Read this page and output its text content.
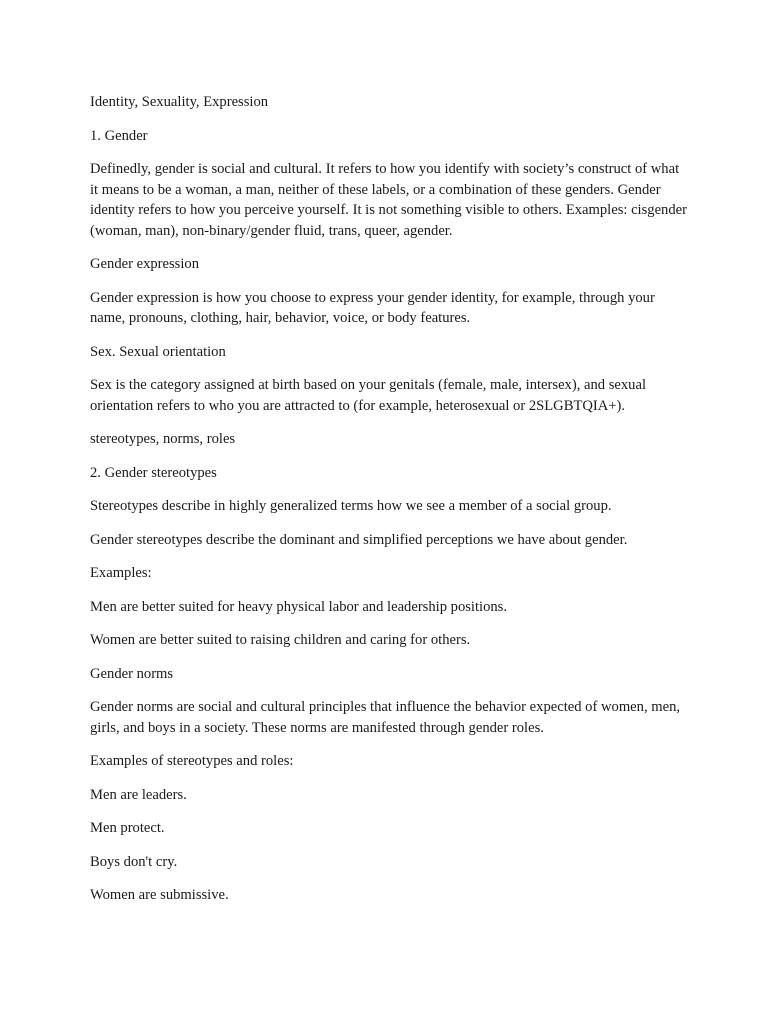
Identity, Sexuality, Expression

1. Gender

Definedly, gender is social and cultural. It refers to how you identify with society’s construct of what it means to be a woman, a man, neither of these labels, or a combination of these genders. Gender identity refers to how you perceive yourself. It is not something visible to others. Examples: cisgender (woman, man), non-binary/gender fluid, trans, queer, agender.

Gender expression

Gender expression is how you choose to express your gender identity, for example, through your name, pronouns, clothing, hair, behavior, voice, or body features.

Sex. Sexual orientation

Sex is the category assigned at birth based on your genitals (female, male, intersex), and sexual orientation refers to who you are attracted to (for example, heterosexual or 2SLGBTQIA+).

stereotypes, norms, roles

2. Gender stereotypes

Stereotypes describe in highly generalized terms how we see a member of a social group.

Gender stereotypes describe the dominant and simplified perceptions we have about gender.

Examples:

Men are better suited for heavy physical labor and leadership positions.

Women are better suited to raising children and caring for others.

Gender norms

Gender norms are social and cultural principles that influence the behavior expected of women, men, girls, and boys in a society. These norms are manifested through gender roles.

Examples of stereotypes and roles:

Men are leaders.

Men protect.

Boys don't cry.

Women are submissive.
